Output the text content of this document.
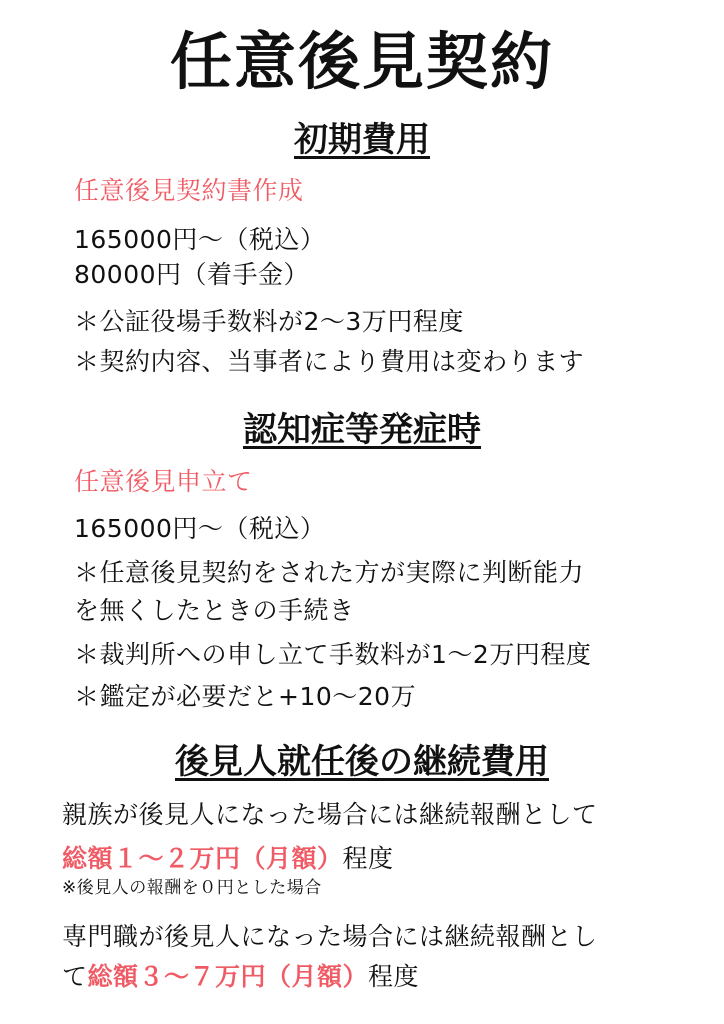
任意後見契約
初期費用
任意後見契約書作成
165000円～（税込）
80000円（着手金）
＊公証役場手数料が2～3万円程度
＊契約内容、当事者により費用は変わります
認知症等発症時
任意後見申立て
165000円～（税込）
＊任意後見契約をされた方が実際に判断能力
を無くしたときの手続き
＊裁判所への申し立て手数料が1～2万円程度
＊鑑定が必要だと+10～20万
後見人就任後の継続費用
親族が後見人になった場合には継続報酬として
総額１～２万円（月額）程度
※後見人の報酬を０円とした場合
専門職が後見人になった場合には継続報酬とし
て総額３～７万円（月額）程度
